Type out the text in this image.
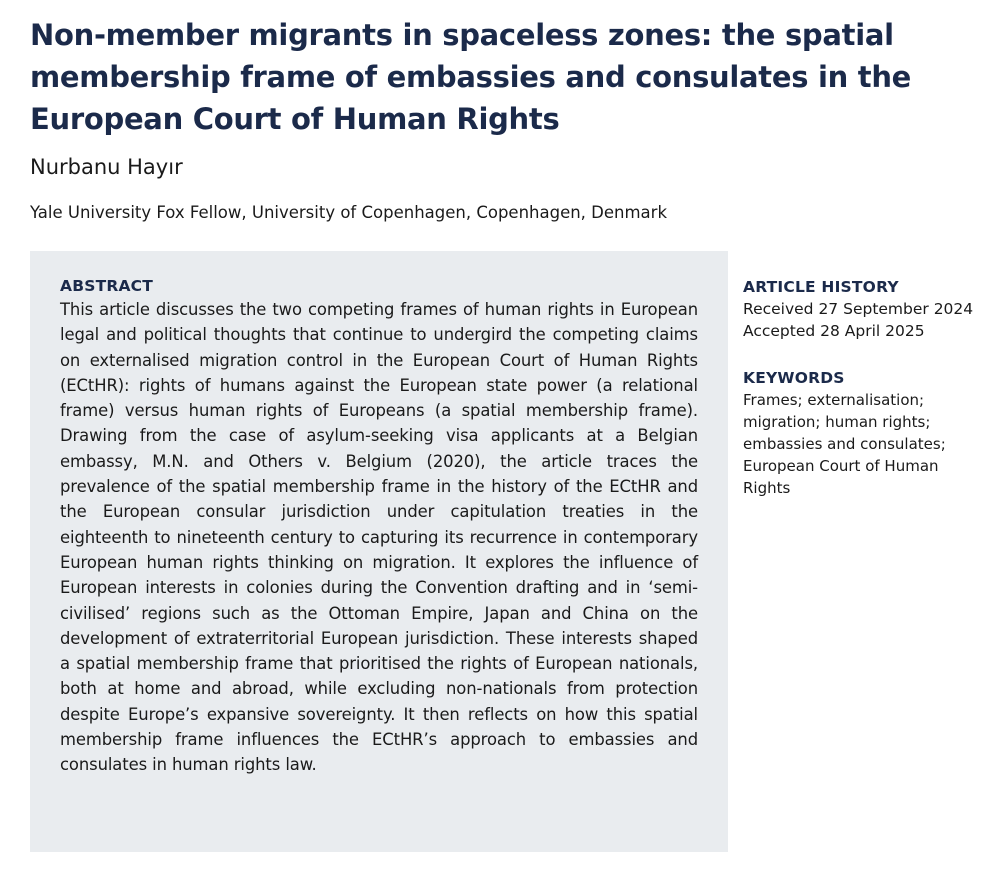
Non-member migrants in spaceless zones: the spatial membership frame of embassies and consulates in the European Court of Human Rights
Nurbanu Hayır
Yale University Fox Fellow, University of Copenhagen, Copenhagen, Denmark
ABSTRACT

This article discusses the two competing frames of human rights in European legal and political thoughts that continue to undergird the competing claims on externalised migration control in the European Court of Human Rights (ECtHR): rights of humans against the European state power (a relational frame) versus human rights of Europeans (a spatial membership frame). Drawing from the case of asylum-seeking visa applicants at a Belgian embassy, M.N. and Others v. Belgium (2020), the article traces the prevalence of the spatial membership frame in the history of the ECtHR and the European consular jurisdiction under capitulation treaties in the eighteenth to nineteenth century to capturing its recurrence in contemporary European human rights thinking on migration. It explores the influence of European interests in colonies during the Convention drafting and in ‘semi-civilised’ regions such as the Ottoman Empire, Japan and China on the development of extraterritorial European jurisdiction. These interests shaped a spatial membership frame that prioritised the rights of European nationals, both at home and abroad, while excluding non-nationals from protection despite Europe’s expansive sovereignty. It then reflects on how this spatial membership frame influences the ECtHR’s approach to embassies and consulates in human rights law.

ARTICLE HISTORY
Received 27 September 2024
Accepted 28 April 2025
KEYWORDS
Frames; externalisation; migration; human rights; embassies and consulates; European Court of Human Rights
